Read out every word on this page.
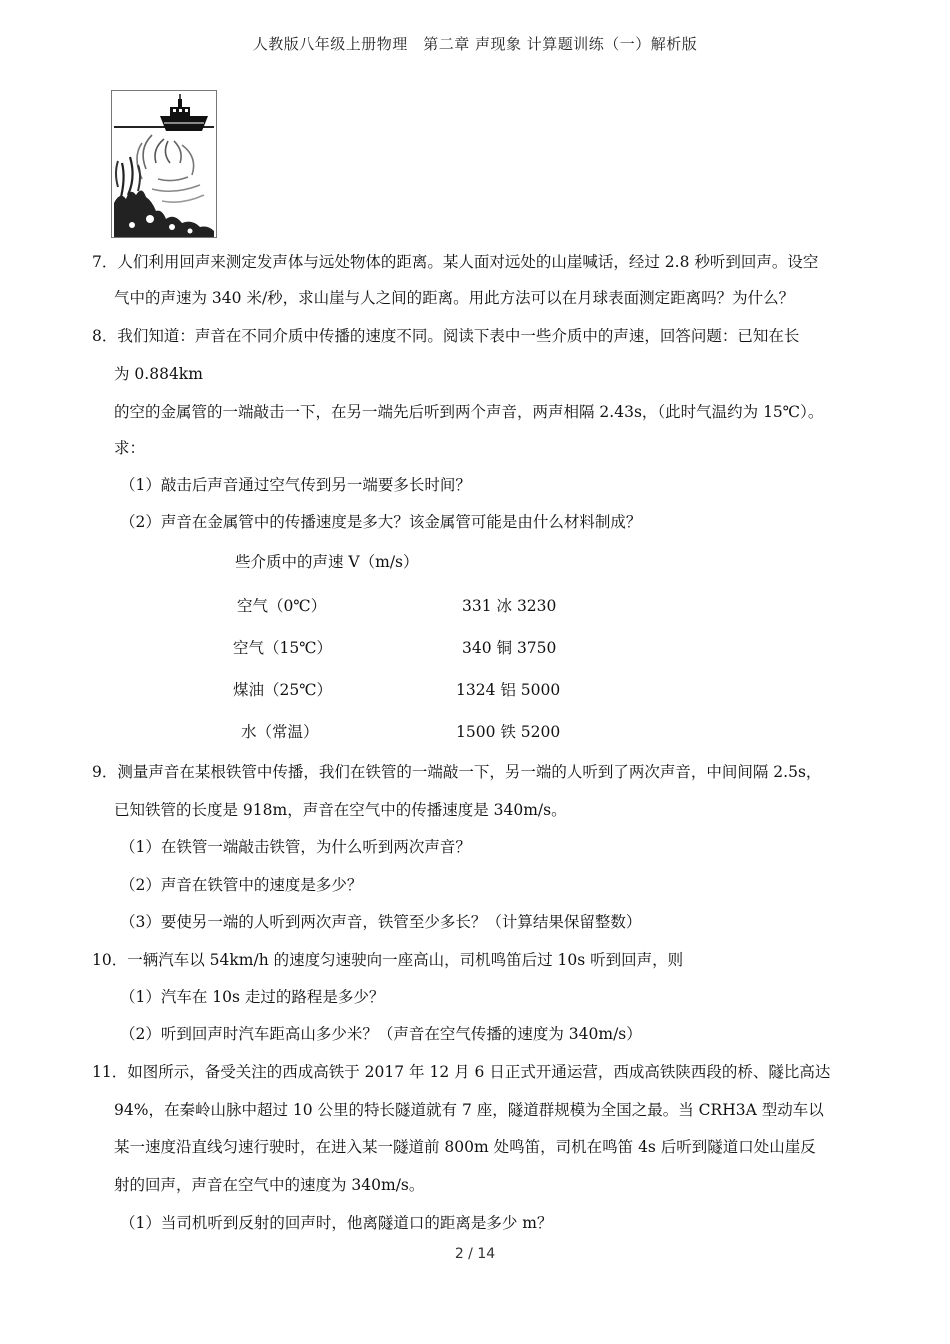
人教版八年级上册物理　第二章 声现象 计算题训练（一）解析版
7．人们利用回声来测定发声体与远处物体的距离。某人面对远处的山崖喊话，经过 2.8 秒听到回声。设空
气中的声速为 340 米/秒，求山崖与人之间的距离。用此方法可以在月球表面测定距离吗？为什么？
8．我们知道：声音在不同介质中传播的速度不同。阅读下表中一些介质中的声速，回答问题：已知在长
为 0.884km
的空的金属管的一端敲击一下，在另一端先后听到两个声音，两声相隔 2.43s，（此时气温约为 15℃）。
求：
（1）敲击后声音通过空气传到另一端要多长时间？
（2）声音在金属管中的传播速度是多大？该金属管可能是由什么材料制成？
些介质中的声速 V（m/s）
空气（0℃）	331 冰 3230
空气（15℃）	340 铜 3750
煤油（25℃）	1324 铝 5000
水（常温）	1500 铁 5200
9．测量声音在某根铁管中传播，我们在铁管的一端敲一下，另一端的人听到了两次声音，中间间隔 2.5s，
已知铁管的长度是 918m，声音在空气中的传播速度是 340m/s。
（1）在铁管一端敲击铁管，为什么听到两次声音？
（2）声音在铁管中的速度是多少？
（3）要使另一端的人听到两次声音，铁管至少多长？（计算结果保留整数）
10．一辆汽车以 54km/h 的速度匀速驶向一座高山，司机鸣笛后过 10s 听到回声，则
（1）汽车在 10s 走过的路程是多少？
（2）听到回声时汽车距高山多少米？（声音在空气传播的速度为 340m/s）
11．如图所示，备受关注的西成高铁于 2017 年 12 月 6 日正式开通运营，西成高铁陕西段的桥、隧比高达
94%，在秦岭山脉中超过 10 公里的特长隧道就有 7 座，隧道群规模为全国之最。当 CRH3A 型动车以
某一速度沿直线匀速行驶时，在进入某一隧道前 800m 处鸣笛，司机在鸣笛 4s 后听到隧道口处山崖反
射的回声，声音在空气中的速度为 340m/s。
（1）当司机听到反射的回声时，他离隧道口的距离是多少 m？
2 / 14
